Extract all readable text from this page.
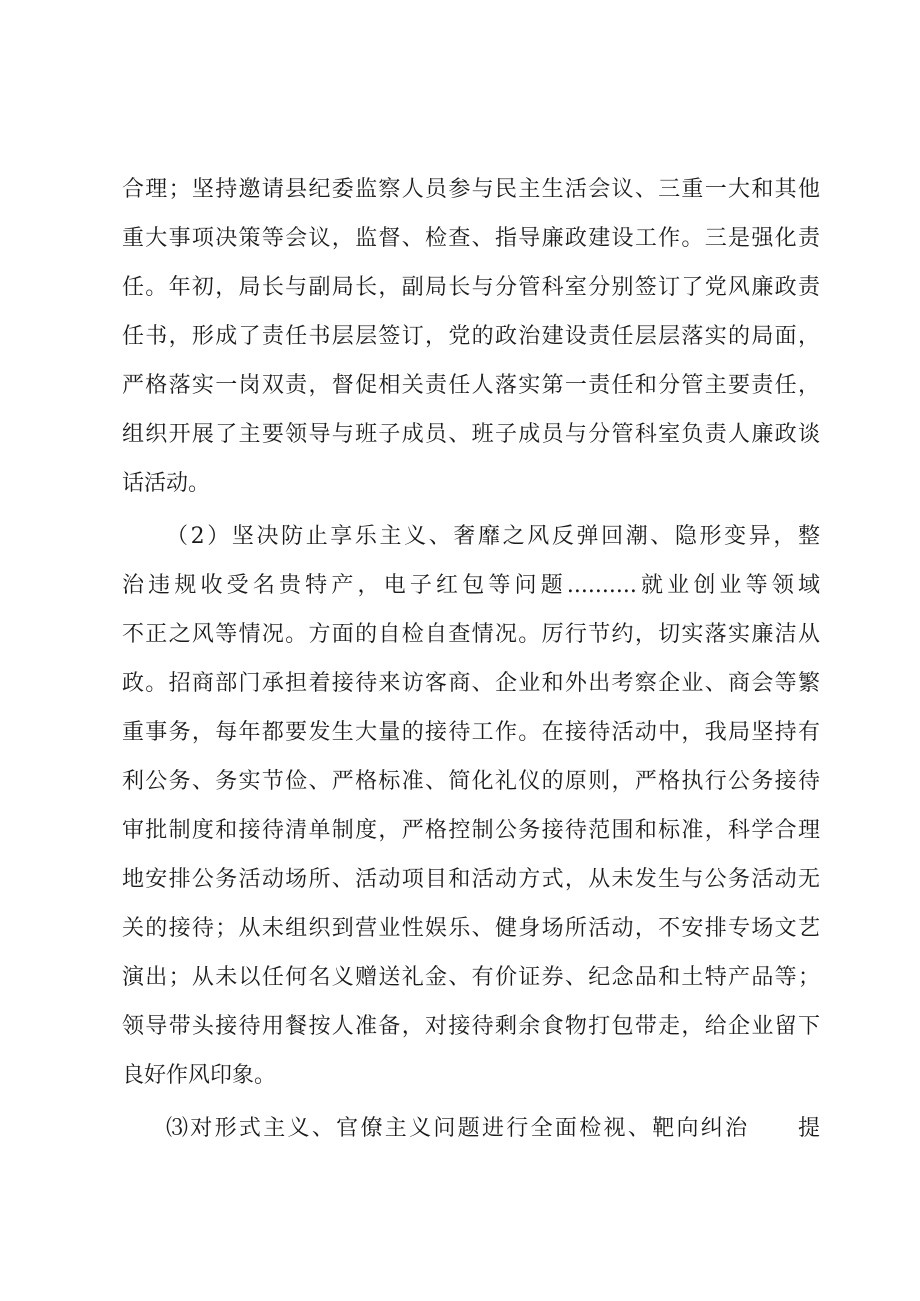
合理；坚持邀请县纪委监察人员参与民主生活会议、三重一大和其他
重大事项决策等会议，监督、检查、指导廉政建设工作。三是强化责
任。年初，局长与副局长，副局长与分管科室分别签订了党风廉政责
任书，形成了责任书层层签订，党的政治建设责任层层落实的局面，
严格落实一岗双责，督促相关责任人落实第一责任和分管主要责任，
组织开展了主要领导与班子成员、班子成员与分管科室负责人廉政谈
话活动。
（2）坚决防止享乐主义、奢靡之风反弹回潮、隐形变异，整
治违规收受名贵特产，电子红包等问题..........就业创业等领域
不正之风等情况。方面的自检自查情况。厉行节约，切实落实廉洁从
政。招商部门承担着接待来访客商、企业和外出考察企业、商会等繁
重事务，每年都要发生大量的接待工作。在接待活动中，我局坚持有
利公务、务实节俭、严格标准、简化礼仪的原则，严格执行公务接待
审批制度和接待清单制度，严格控制公务接待范围和标准，科学合理
地安排公务活动场所、活动项目和活动方式，从未发生与公务活动无
关的接待；从未组织到营业性娱乐、健身场所活动，不安排专场文艺
演出；从未以任何名义赠送礼金、有价证券、纪念品和土特产品等；
领导带头接待用餐按人准备，对接待剩余食物打包带走，给企业留下
良好作风印象。
⑶对形式主义、官僚主义问题进行全面检视、靶向纠治　　提
